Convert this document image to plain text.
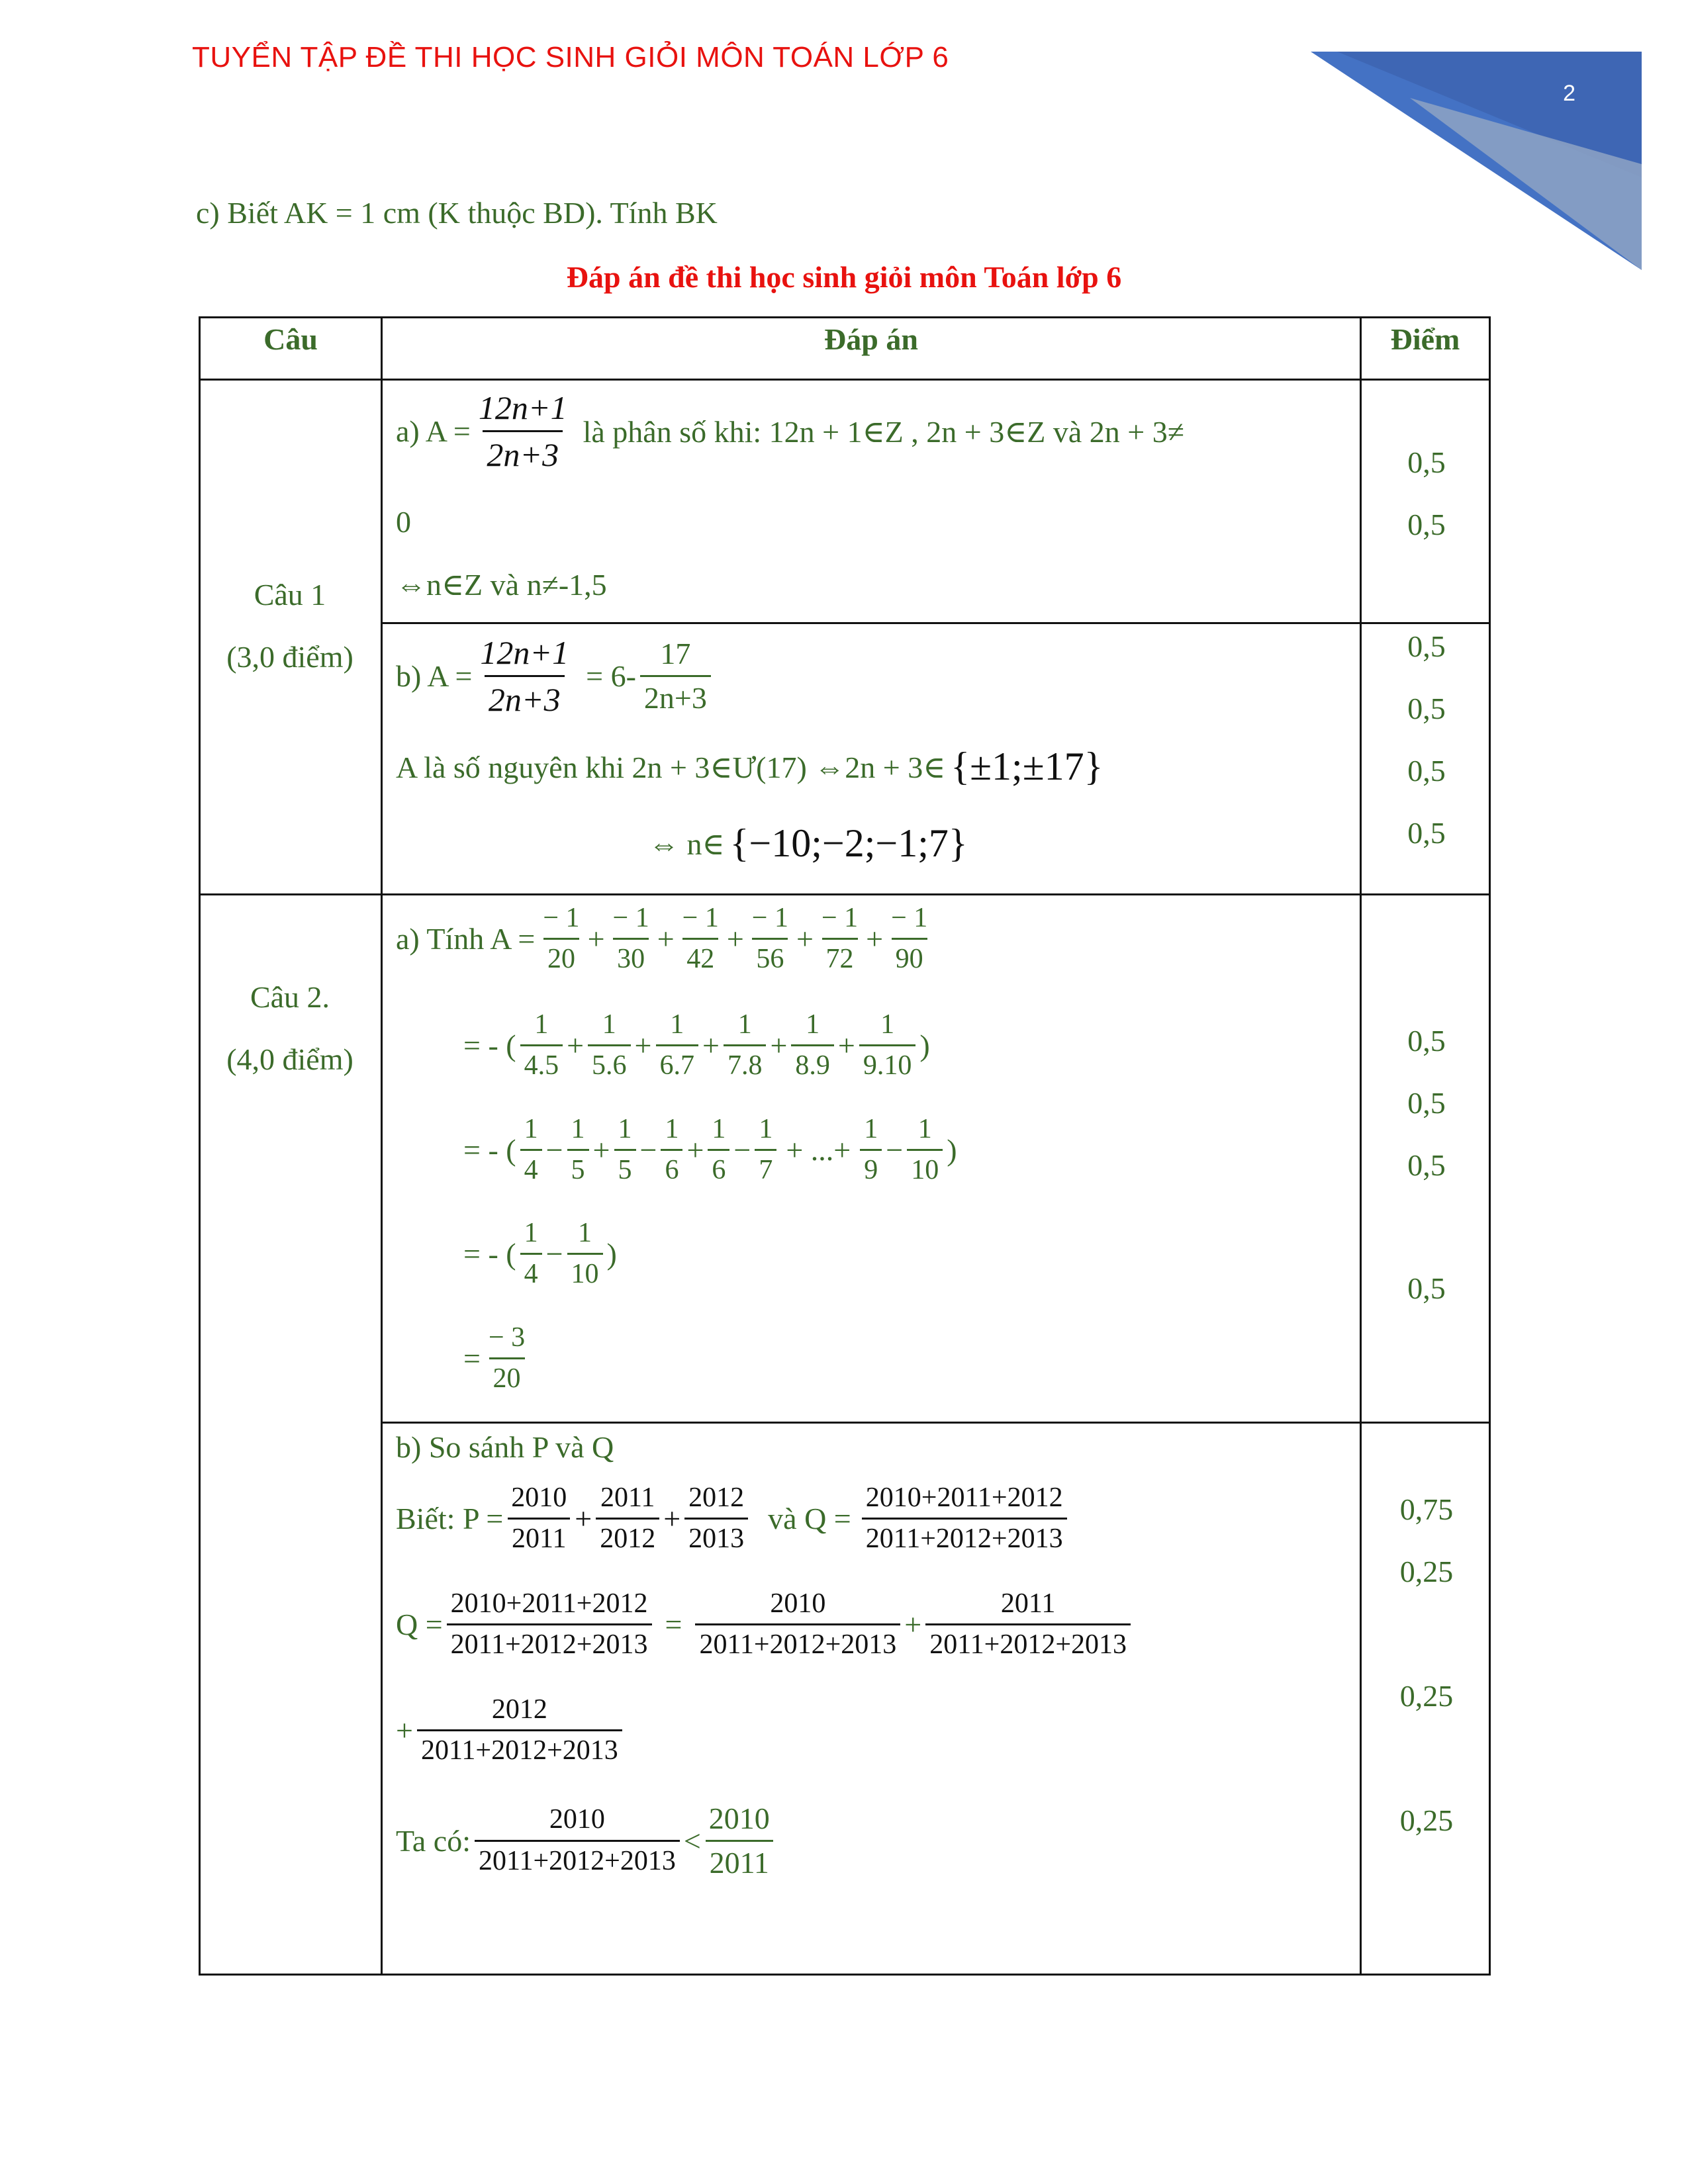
TUYỂN TẬP ĐỀ THI HỌC SINH GIỎI MÔN TOÁN LỚP 6
2
c) Biết AK = 1 cm (K thuộc BD). Tính BK
Đáp án đề thi học sinh giỏi môn Toán lớp 6
Câu	Đáp án	Điểm
Câu 1
(3,0 điểm)
a) $A = \frac{12n+1}{2n+3}$ là phân số khi: 12n + 1∈Z , 2n + 3∈Z và 2n + 3≠
0
⇔n∈Z và n≠-1,5
b) $A = \frac{12n+1}{2n+3} = 6- \frac{17}{2n+3}$
A là số nguyên khi 2n + 3∈Ư(17) ⇔2n + 3∈ {±1;±17}
⇔ n∈ {−10;−2;−1;7}
0,5
0,5
0,5
0,5
0,5
0,5
Câu 2.
(4,0 điểm)
a) Tính $A = \frac{- 1}{20} + \frac{- 1}{30} + \frac{- 1}{42} + \frac{- 1}{56} + \frac{- 1}{72} + \frac{- 1}{90}$
= - ( $\frac{1}{4.5} + \frac{1}{5.6} + \frac{1}{6.7} + \frac{1}{7.8} + \frac{1}{8.9} + \frac{1}{9.10}$ )
= - ( $\frac{1}{4} - \frac{1}{5} + \frac{1}{5} - \frac{1}{6} + \frac{1}{6} - \frac{1}{7}$ + ...+ $\frac{1}{9} - \frac{1}{10}$ )
= - ( $\frac{1}{4} - \frac{1}{10}$ )
= $\frac{- 3}{20}$
0,5
0,5
0,5
0,5
b) So sánh P và Q
Biết: $P = \frac{2010}{2011} + \frac{2011}{2012} + \frac{2012}{2013}$ và $Q = \frac{2010+2011+2012}{2011+2012+2013}$
$Q = \frac{2010+2011+2012}{2011+2012+2013} = \frac{2010}{2011+2012+2013} + \frac{2011}{2011+2012+2013}$
+ $\frac{2012}{2011+2012+2013}$
Ta có: $\frac{2010}{2011+2012+2013} < \frac{2010}{2011}$
0,75
0,25
0,25
0,25
